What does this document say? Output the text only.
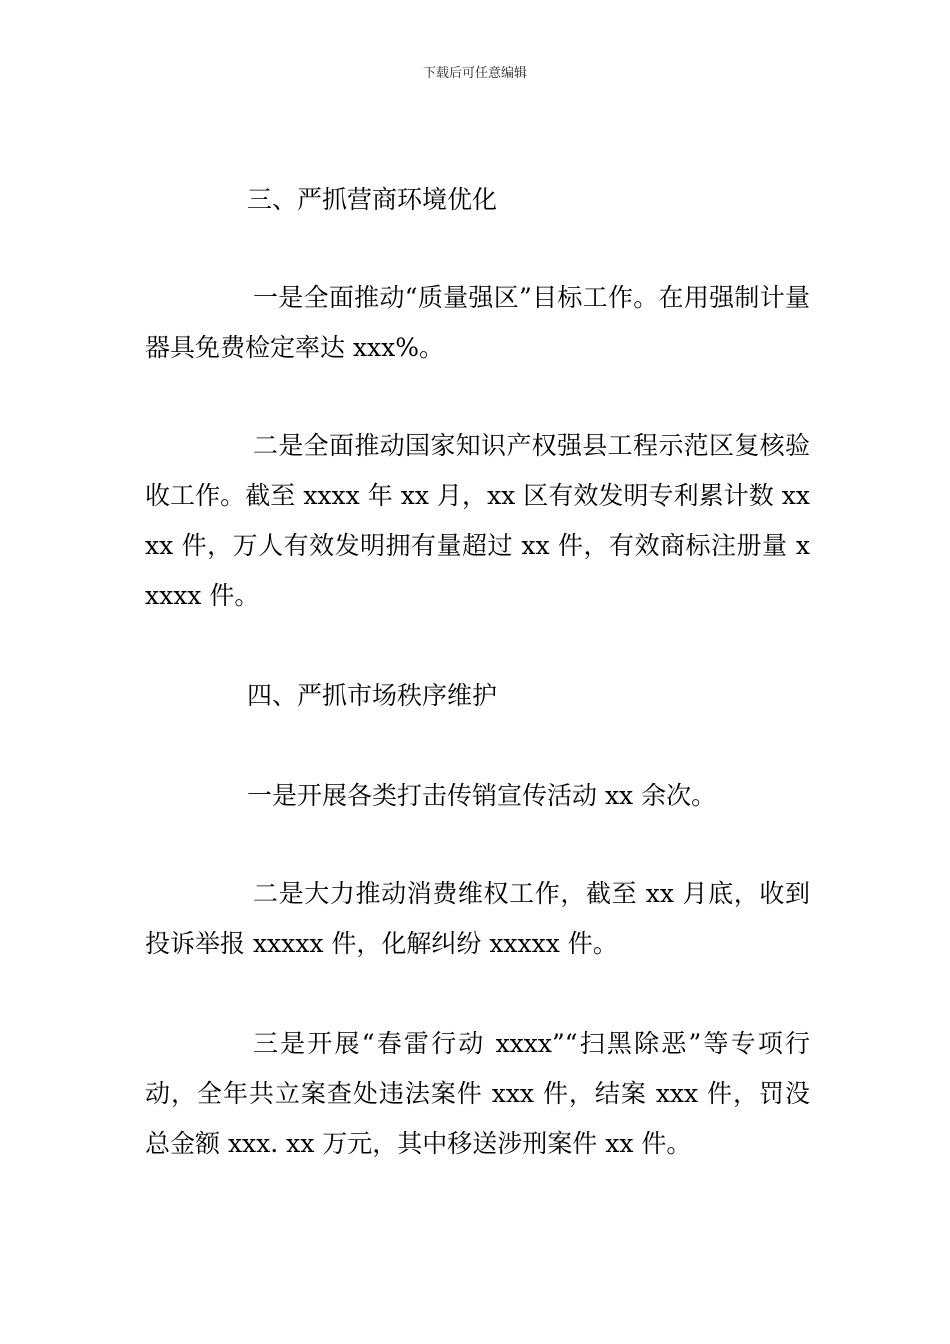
下载后可任意编辑

三、严抓营商环境优化

一是全面推动“质量强区”目标工作。在用强制计量器具免费检定率达 xxx%。

二是全面推动国家知识产权强县工程示范区复核验收工作。截至 xxxx 年 xx 月，xx 区有效发明专利累计数 xxxx 件，万人有效发明拥有量超过 xx 件，有效商标注册量 xxxxx 件。

四、严抓市场秩序维护

一是开展各类打击传销宣传活动 xx 余次。

二是大力推动消费维权工作，截至 xx 月底，收到投诉举报 xxxxx 件，化解纠纷 xxxxx 件。

三是开展“春雷行动 xxxx”“扫黑除恶”等专项行动，全年共立案查处违法案件 xxx 件，结案 xxx 件，罚没总金额 xxx. xx 万元，其中移送涉刑案件 xx 件。
